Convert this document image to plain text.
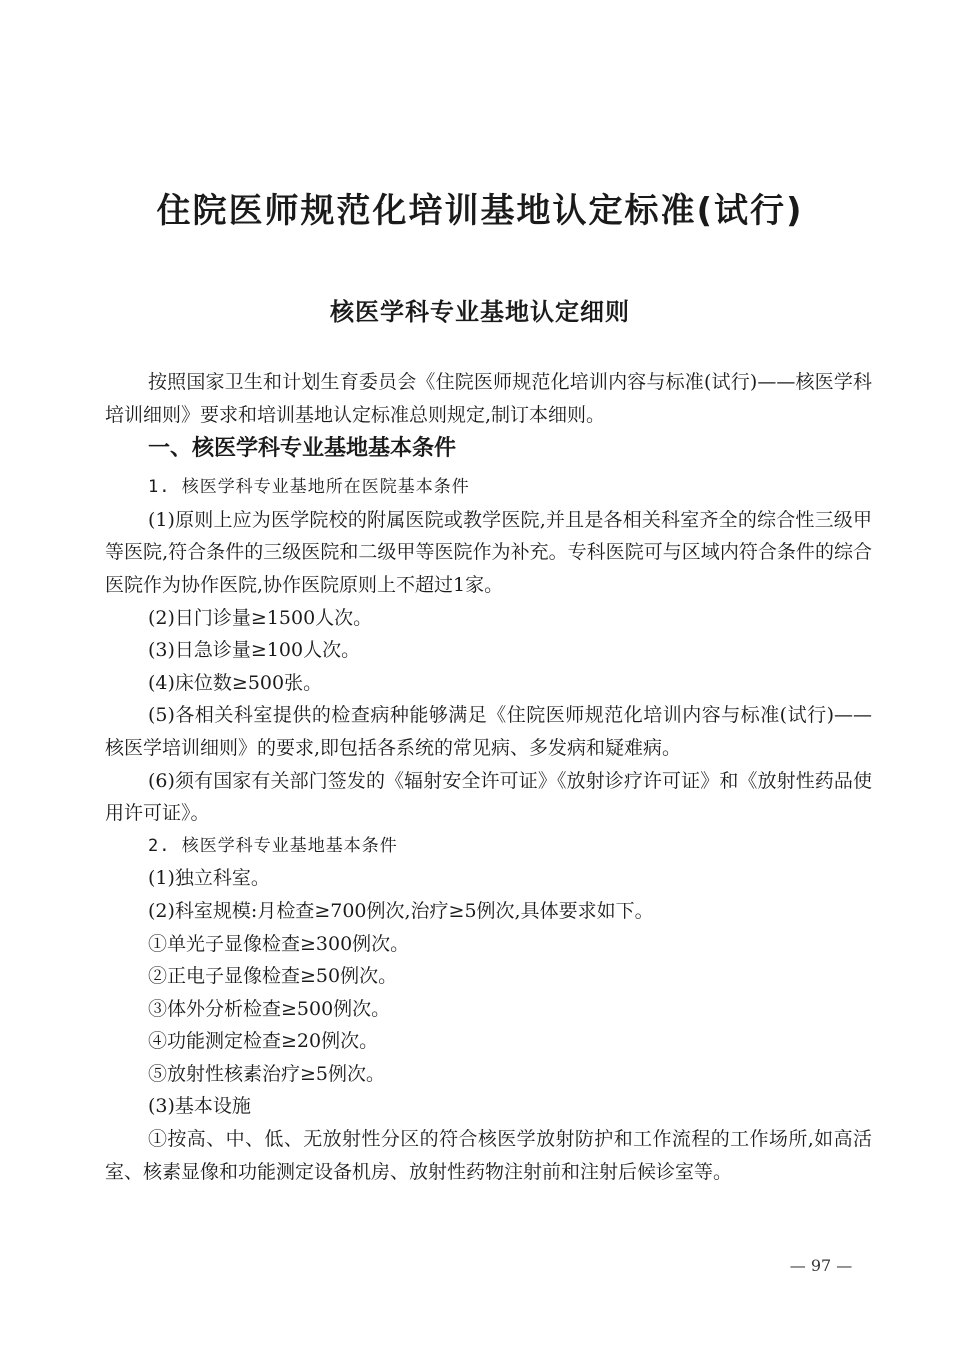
住院医师规范化培训基地认定标准(试行)
核医学科专业基地认定细则

按照国家卫生和计划生育委员会《住院医师规范化培训内容与标准(试行)——核医学科培训细则》要求和培训基地认定标准总则规定,制订本细则。

一、核医学科专业基地基本条件

1. 核医学科专业基地所在医院基本条件

(1)原则上应为医学院校的附属医院或教学医院,并且是各相关科室齐全的综合性三级甲等医院,符合条件的三级医院和二级甲等医院作为补充。专科医院可与区域内符合条件的综合医院作为协作医院,协作医院原则上不超过1家。

(2)日门诊量≥1500人次。

(3)日急诊量≥100人次。

(4)床位数≥500张。

(5)各相关科室提供的检查病种能够满足《住院医师规范化培训内容与标准(试行)——核医学培训细则》的要求,即包括各系统的常见病、多发病和疑难病。

(6)须有国家有关部门签发的《辐射安全许可证》《放射诊疗许可证》和《放射性药品使用许可证》。

2. 核医学科专业基地基本条件

(1)独立科室。

(2)科室规模:月检查≥700例次,治疗≥5例次,具体要求如下。

①单光子显像检查≥300例次。

②正电子显像检查≥50例次。

③体外分析检查≥500例次。

④功能测定检查≥20例次。

⑤放射性核素治疗≥5例次。

(3)基本设施

①按高、中、低、无放射性分区的符合核医学放射防护和工作流程的工作场所,如高活室、核素显像和功能测定设备机房、放射性药物注射前和注射后候诊室等。

— 97 —
